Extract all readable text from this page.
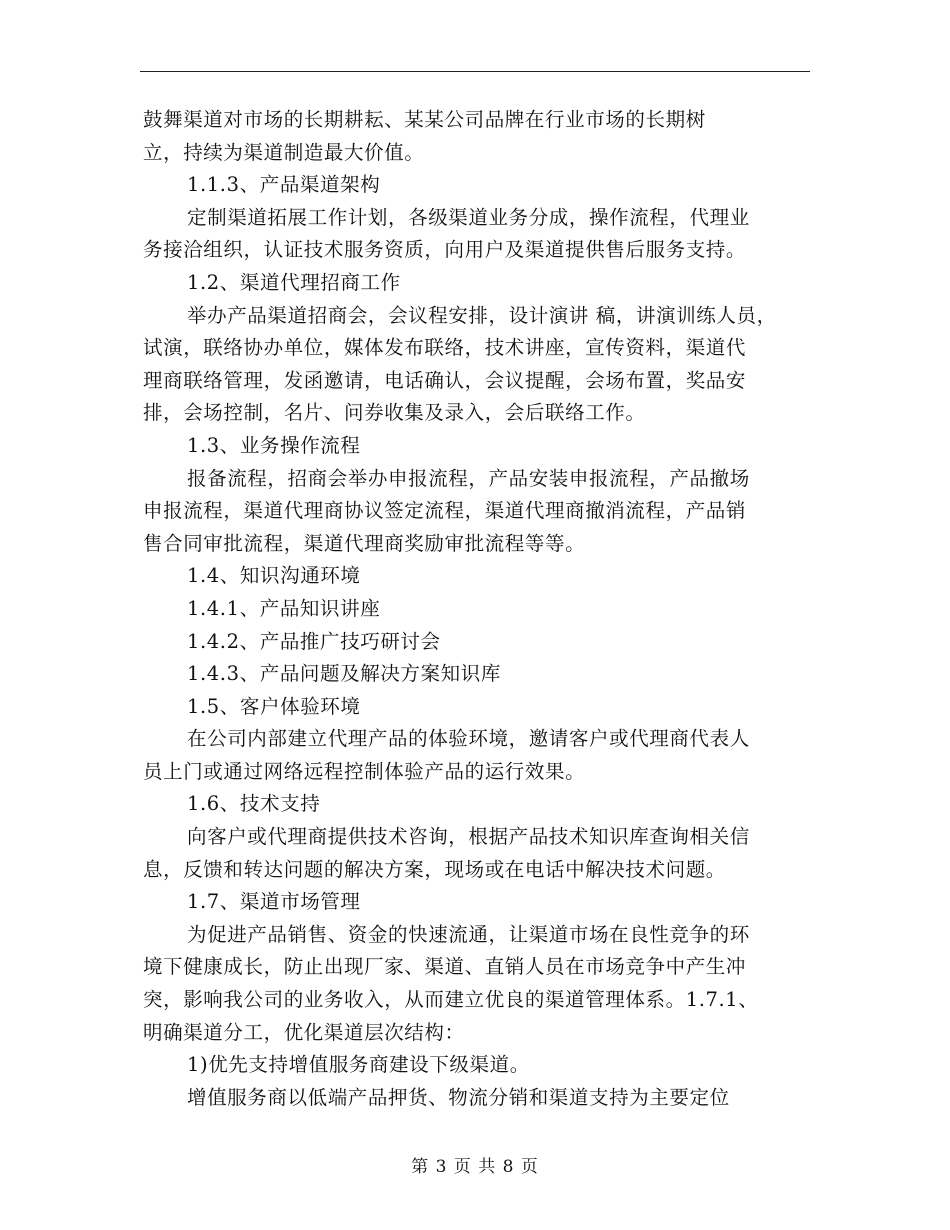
鼓舞渠道对市场的长期耕耘、某某公司品牌在行业市场的长期树
立，持续为渠道制造最大价值。
1.1.3、产品渠道架构
定制渠道拓展工作计划，各级渠道业务分成，操作流程，代理业
务接洽组织，认证技术服务资质，向用户及渠道提供售后服务支持。
1.2、渠道代理招商工作
举办产品渠道招商会，会议程安排，设计演讲 稿，讲演训练人员，
试演，联络协办单位，媒体发布联络，技术讲座，宣传资料，渠道代
理商联络管理，发函邀请，电话确认，会议提醒，会场布置，奖品安
排，会场控制，名片、问券收集及录入，会后联络工作。
1.3、业务操作流程
报备流程，招商会举办申报流程，产品安装申报流程，产品撤场
申报流程，渠道代理商协议签定流程，渠道代理商撤消流程，产品销
售合同审批流程，渠道代理商奖励审批流程等等。
1.4、知识沟通环境
1.4.1、产品知识讲座
1.4.2、产品推广技巧研讨会
1.4.3、产品问题及解决方案知识库
1.5、客户体验环境
在公司内部建立代理产品的体验环境，邀请客户或代理商代表人
员上门或通过网络远程控制体验产品的运行效果。
1.6、技术支持
向客户或代理商提供技术咨询，根据产品技术知识库查询相关信
息，反馈和转达问题的解决方案，现场或在电话中解决技术问题。
1.7、渠道市场管理
为促进产品销售、资金的快速流通，让渠道市场在良性竞争的环
境下健康成长，防止出现厂家、渠道、直销人员在市场竞争中产生冲
突，影响我公司的业务收入，从而建立优良的渠道管理体系。1.7.1、
明确渠道分工，优化渠道层次结构：
1)优先支持增值服务商建设下级渠道。
增值服务商以低端产品押货、物流分销和渠道支持为主要定位
第 3 页 共 8 页
